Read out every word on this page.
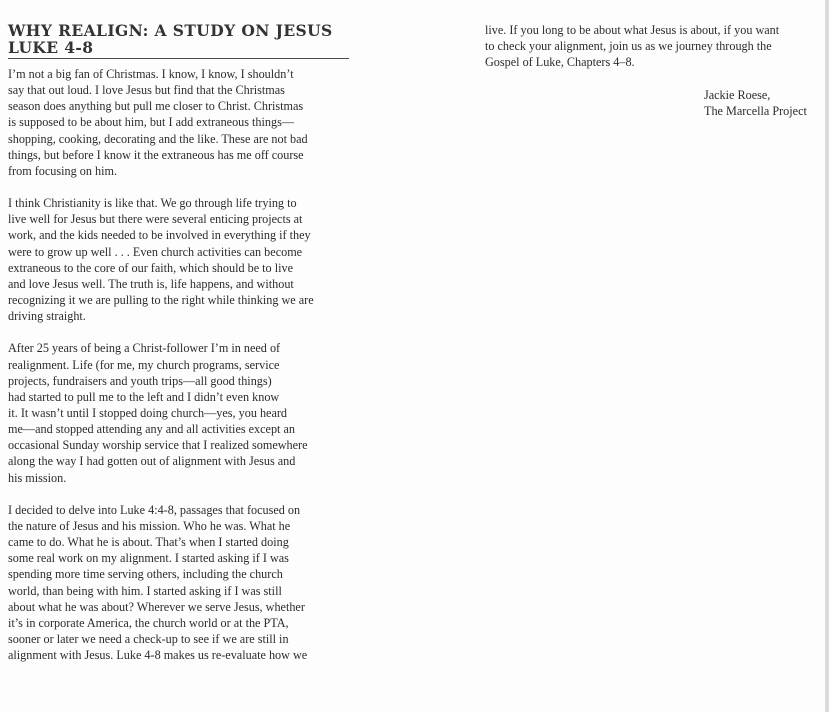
WHY REALIGN: A STUDY ON JESUS
LUKE 4-8
I’m not a big fan of Christmas. I know, I know, I shouldn’t
say that out loud. I love Jesus but find that the Christmas
season does anything but pull me closer to Christ. Christmas
is supposed to be about him, but I add extraneous things—
shopping, cooking, decorating and the like. These are not bad
things, but before I know it the extraneous has me off course
from focusing on him.
I think Christianity is like that. We go through life trying to
live well for Jesus but there were several enticing projects at
work, and the kids needed to be involved in everything if they
were to grow up well . . . Even church activities can become
extraneous to the core of our faith, which should be to live
and love Jesus well. The truth is, life happens, and without
recognizing it we are pulling to the right while thinking we are
driving straight.
After 25 years of being a Christ-follower I’m in need of
realignment. Life (for me, my church programs, service
projects, fundraisers and youth trips—all good things)
had started to pull me to the left and I didn’t even know
it. It wasn’t until I stopped doing church—yes, you heard
me—and stopped attending any and all activities except an
occasional Sunday worship service that I realized somewhere
along the way I had gotten out of alignment with Jesus and
his mission.
I decided to delve into Luke 4:4-8, passages that focused on
the nature of Jesus and his mission. Who he was. What he
came to do. What he is about. That’s when I started doing
some real work on my alignment. I started asking if I was
spending more time serving others, including the church
world, than being with him. I started asking if I was still
about what he was about? Wherever we serve Jesus, whether
it’s in corporate America, the church world or at the PTA,
sooner or later we need a check-up to see if we are still in
alignment with Jesus. Luke 4-8 makes us re-evaluate how we
live. If you long to be about what Jesus is about, if you want
to check your alignment, join us as we journey through the
Gospel of Luke, Chapters 4–8.
Jackie Roese,
The Marcella Project
